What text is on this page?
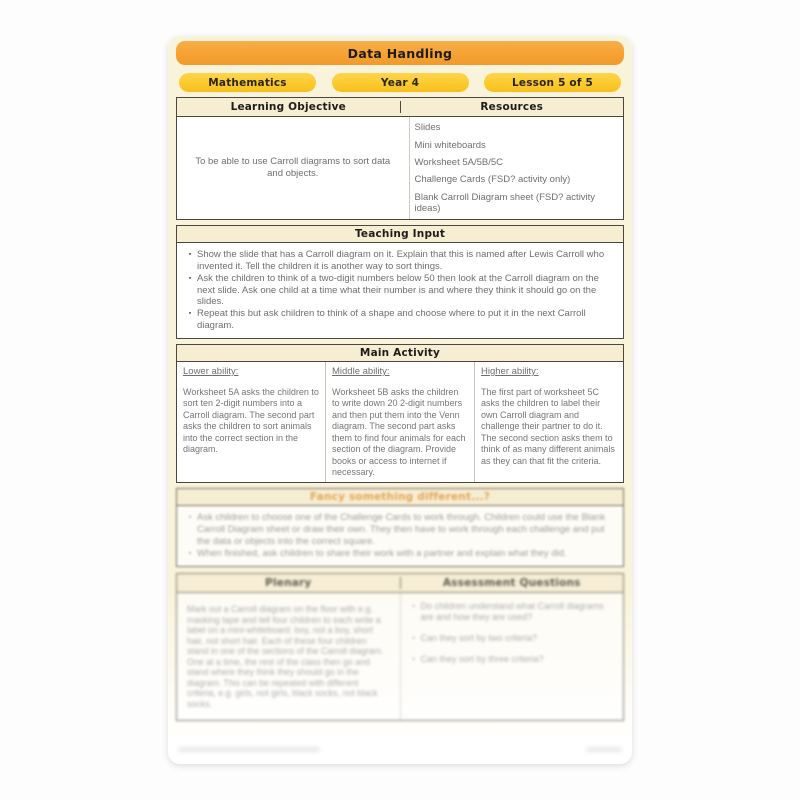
Data Handling
Mathematics	Year 4	Lesson 5 of 5
Learning Objective	Resources
To be able to use Carroll diagrams to sort data and objects.
Slides
Mini whiteboards
Worksheet 5A/5B/5C
Challenge Cards (FSD? activity only)
Blank Carroll Diagram sheet (FSD? activity ideas)
Teaching Input
▪ Show the slide that has a Carroll diagram on it. Explain that this is named after Lewis Carroll who invented it. Tell the children it is another way to sort things.
▪ Ask the children to think of a two-digit numbers below 50 then look at the Carroll diagram on the next slide. Ask one child at a time what their number is and where they think it should go on the slides.
▪ Repeat this but ask children to think of a shape and choose where to put it in the next Carroll diagram.
Main Activity
Lower ability:
Worksheet 5A asks the children to sort ten 2-digit numbers into a Carroll diagram. The second part asks the children to sort animals into the correct section in the diagram.
Middle ability:
Worksheet 5B asks the children to write down 20 2-digit numbers and then put them into the Venn diagram. The second part asks them to find four animals for each section of the diagram. Provide books or access to internet if necessary.
Higher ability:
The first part of worksheet 5C asks the children to label their own Carroll diagram and challenge their partner to do it. The second section asks them to think of as many different animals as they can that fit the criteria.
Fancy something different...?
▪ Ask children to choose one of the Challenge Cards to work through. Children could use the Blank Carroll Diagram sheet or draw their own. They then have to work through each challenge and put the data or objects into the correct square.
▪ When finished, ask children to share their work with a partner and explain what they did.
Plenary	Assessment Questions
Mark out a Carroll diagram on the floor with e.g. masking tape and tell four children to each write a label on a mini-whiteboard: boy, not a boy, short hair, not short hair. Each of these four children stand in one of the sections of the Carroll diagram. One at a time, the rest of the class then go and stand where they think they should go in the diagram. This can be repeated with different criteria, e.g. girls, not girls, black socks, not black socks.
▪ Do children understand what Carroll diagrams are and how they are used?
▪ Can they sort by two criteria?
▪ Can they sort by three criteria?
